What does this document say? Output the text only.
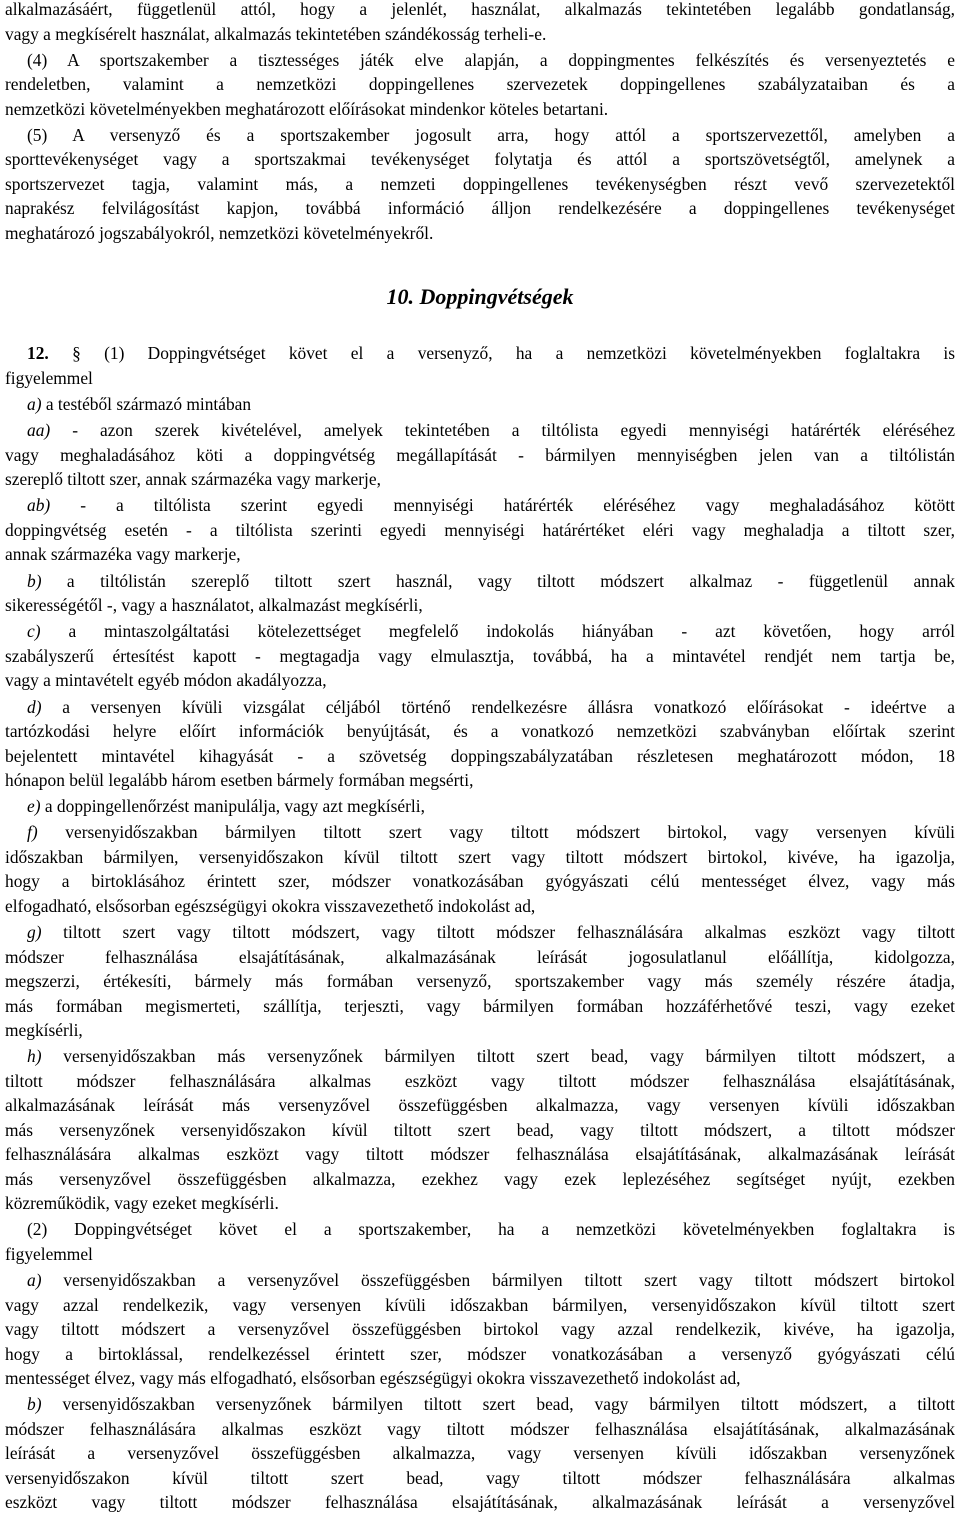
alkalmazásáért, függetlenül attól, hogy a jelenlét, használat, alkalmazás tekintetében legalább gondatlanság,
vagy a megkísérelt használat, alkalmazás tekintetében szándékosság terheli-e.
(4) A sportszakember a tisztességes játék elve alapján, a doppingmentes felkészítés és versenyeztetés e
rendeletben, valamint a nemzetközi doppingellenes szervezetek doppingellenes szabályzataiban és a
nemzetközi követelményekben meghatározott előírásokat mindenkor köteles betartani.
(5) A versenyző és a sportszakember jogosult arra, hogy attól a sportszervezettől, amelyben a
sporttevékenységet vagy a sportszakmai tevékenységet folytatja és attól a sportszövetségtől, amelynek a
sportszervezet tagja, valamint más, a nemzeti doppingellenes tevékenységben részt vevő szervezetektől
naprakész felvilágosítást kapjon, továbbá információ álljon rendelkezésére a doppingellenes tevékenységet
meghatározó jogszabályokról, nemzetközi követelményekről.
10. Doppingvétségek
12. § (1) Doppingvétséget követ el a versenyző, ha a nemzetközi követelményekben foglaltakra is
figyelemmel
a) a testéből származó mintában
aa) - azon szerek kivételével, amelyek tekintetében a tiltólista egyedi mennyiségi határérték eléréséhez
vagy meghaladásához köti a doppingvétség megállapítását - bármilyen mennyiségben jelen van a tiltólistán
szereplő tiltott szer, annak származéka vagy markerje,
ab) - a tiltólista szerint egyedi mennyiségi határérték eléréséhez vagy meghaladásához kötött
doppingvétség esetén - a tiltólista szerinti egyedi mennyiségi határértéket eléri vagy meghaladja a tiltott szer,
annak származéka vagy markerje,
b) a tiltólistán szereplő tiltott szert használ, vagy tiltott módszert alkalmaz - függetlenül annak
sikerességétől -, vagy a használatot, alkalmazást megkísérli,
c) a mintaszolgáltatási kötelezettséget megfelelő indokolás hiányában - azt követően, hogy arról
szabályszerű értesítést kapott - megtagadja vagy elmulasztja, továbbá, ha a mintavétel rendjét nem tartja be,
vagy a mintavételt egyéb módon akadályozza,
d) a versenyen kívüli vizsgálat céljából történő rendelkezésre állásra vonatkozó előírásokat - ideértve a
tartózkodási helyre előírt információk benyújtását, és a vonatkozó nemzetközi szabványban előírtak szerint
bejelentett mintavétel kihagyását - a szövetség doppingszabályzatában részletesen meghatározott módon, 18
hónapon belül legalább három esetben bármely formában megsérti,
e) a doppingellenőrzést manipulálja, vagy azt megkísérli,
f) versenyidőszakban bármilyen tiltott szert vagy tiltott módszert birtokol, vagy versenyen kívüli
időszakban bármilyen, versenyidőszakon kívül tiltott szert vagy tiltott módszert birtokol, kivéve, ha igazolja,
hogy a birtoklásához érintett szer, módszer vonatkozásában gyógyászati célú mentességet élvez, vagy más
elfogadható, elsősorban egészségügyi okokra visszavezethető indokolást ad,
g) tiltott szert vagy tiltott módszert, vagy tiltott módszer felhasználására alkalmas eszközt vagy tiltott
módszer felhasználása elsajátításának, alkalmazásának leírását jogosulatlanul előállítja, kidolgozza,
megszerzi, értékesíti, bármely más formában versenyző, sportszakember vagy más személy részére átadja,
más formában megismerteti, szállítja, terjeszti, vagy bármilyen formában hozzáférhetővé teszi, vagy ezeket
megkísérli,
h) versenyidőszakban más versenyzőnek bármilyen tiltott szert bead, vagy bármilyen tiltott módszert, a
tiltott módszer felhasználására alkalmas eszközt vagy tiltott módszer felhasználása elsajátításának,
alkalmazásának leírását más versenyzővel összefüggésben alkalmazza, vagy versenyen kívüli időszakban
más versenyzőnek versenyidőszakon kívül tiltott szert bead, vagy tiltott módszert, a tiltott módszer
felhasználására alkalmas eszközt vagy tiltott módszer felhasználása elsajátításának, alkalmazásának leírását
más versenyzővel összefüggésben alkalmazza, ezekhez vagy ezek leplezéséhez segítséget nyújt, ezekben
közreműködik, vagy ezeket megkísérli.
(2) Doppingvétséget követ el a sportszakember, ha a nemzetközi követelményekben foglaltakra is
figyelemmel
a) versenyidőszakban a versenyzővel összefüggésben bármilyen tiltott szert vagy tiltott módszert birtokol
vagy azzal rendelkezik, vagy versenyen kívüli időszakban bármilyen, versenyidőszakon kívül tiltott szert
vagy tiltott módszert a versenyzővel összefüggésben birtokol vagy azzal rendelkezik, kivéve, ha igazolja,
hogy a birtoklással, rendelkezéssel érintett szer, módszer vonatkozásában a versenyző gyógyászati célú
mentességet élvez, vagy más elfogadható, elsősorban egészségügyi okokra visszavezethető indokolást ad,
b) versenyidőszakban versenyzőnek bármilyen tiltott szert bead, vagy bármilyen tiltott módszert, a tiltott
módszer felhasználására alkalmas eszközt vagy tiltott módszer felhasználása elsajátításának, alkalmazásának
leírását a versenyzővel összefüggésben alkalmazza, vagy versenyen kívüli időszakban versenyzőnek
versenyidőszakon kívül tiltott szert bead, vagy tiltott módszer felhasználására alkalmas
eszközt vagy tiltott módszer felhasználása elsajátításának, alkalmazásának leírását a versenyzővel
